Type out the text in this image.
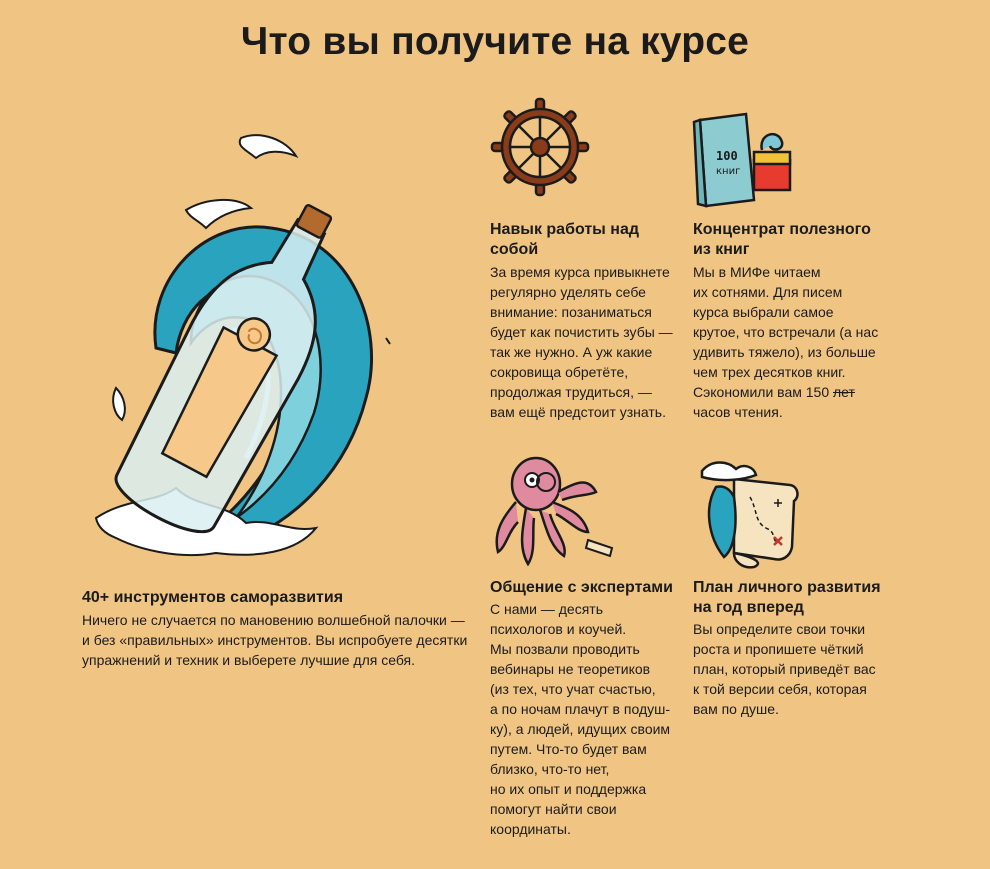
Что вы получите на курсе
40+ инструментов саморазвития
Ничего не случается по мановению волшебной палочки —
и без «правильных» инструментов. Вы испробуете десятки
упражнений и техник и выберете лучшие для себя.
Навык работы над
собой
За время курса привыкнете
регулярно уделять себе
внимание: позаниматься
будет как почистить зубы —
так же нужно. А уж какие
сокровища обретёте,
продолжая трудиться, —
вам ещё предстоит узнать.
100
книг
Концентрат полезного
из книг
Мы в МИФе читаем
их сотнями. Для писем
курса выбрали самое
крутое, что встречали (а нас
удивить тяжело), из больше
чем трех десятков книг.
Сэкономили вам 150 лет
часов чтения.
Общение с экспертами
С нами — десять
психологов и коучей.
Мы позвали проводить
вебинары не теоретиков
(из тех, что учат счастью,
а по ночам плачут в подуш-
ку), а людей, идущих своим
путем. Что-то будет вам
близко, что-то нет,
но их опыт и поддержка
помогут найти свои
координаты.
План личного развития
на год вперед
Вы определите свои точки
роста и пропишете чёткий
план, который приведёт вас
к той версии себя, которая
вам по душе.
